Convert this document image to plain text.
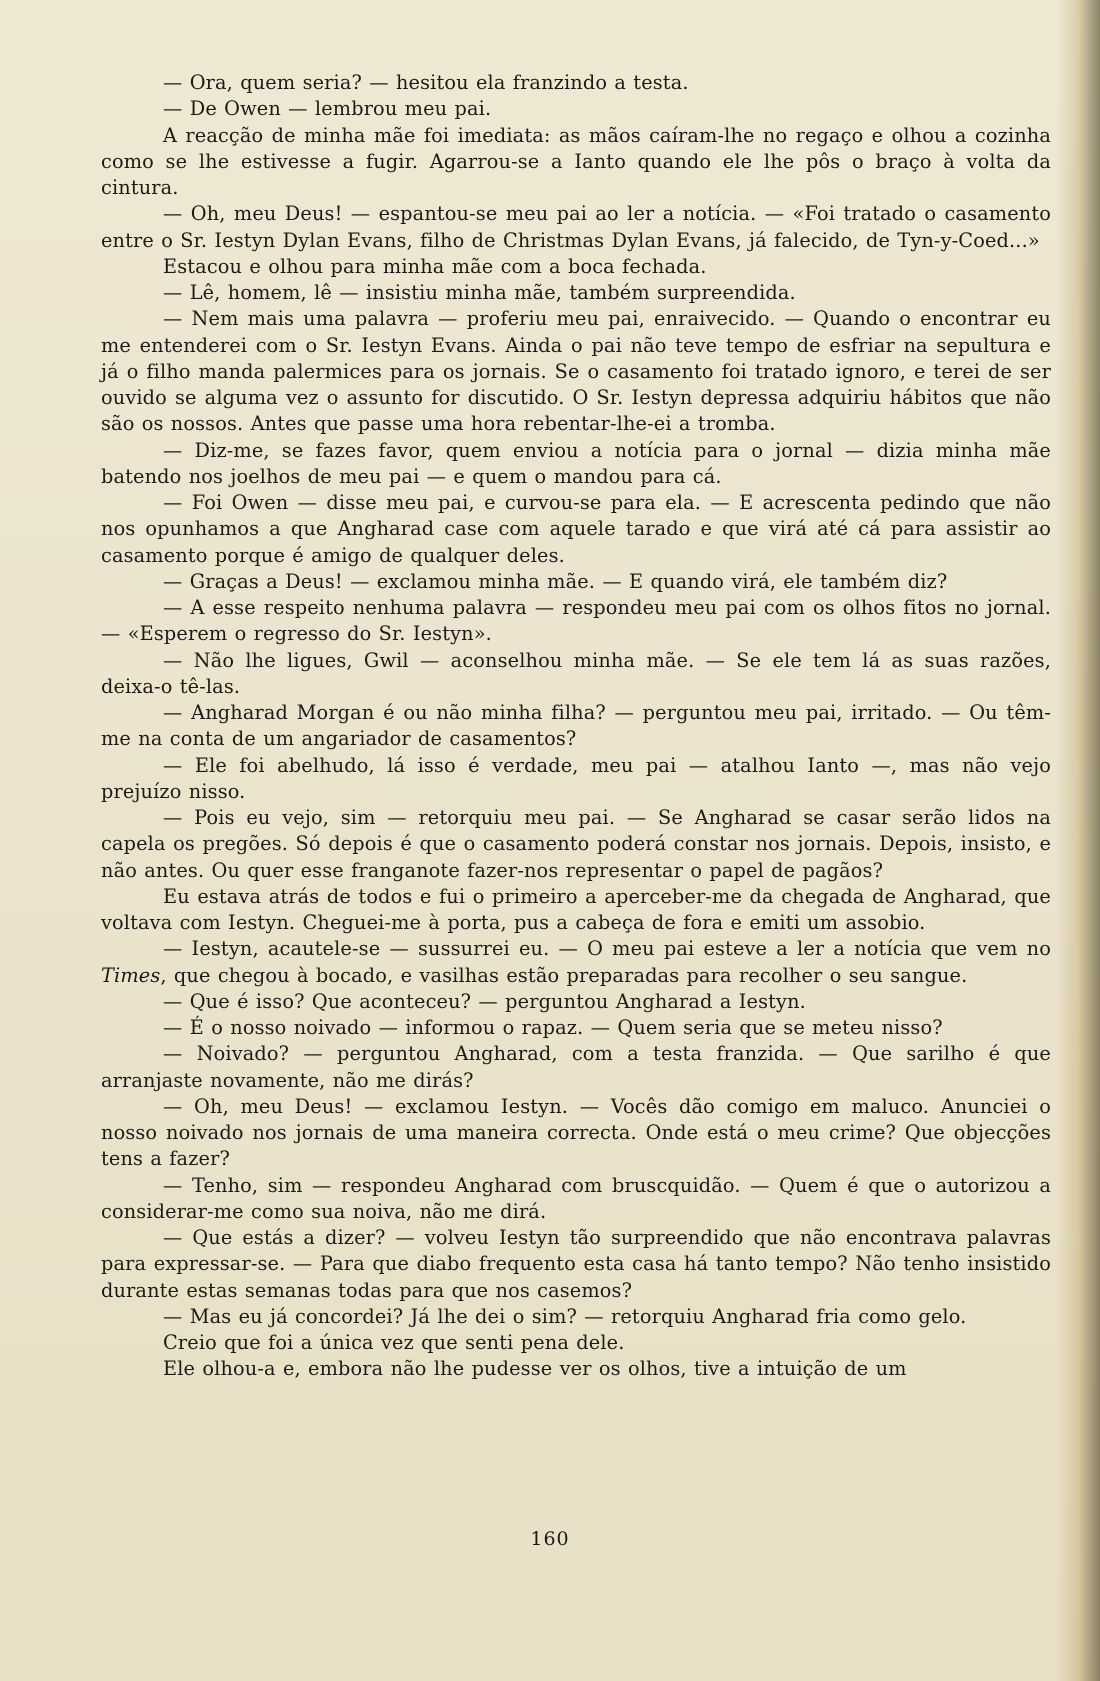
— Ora, quem seria? — hesitou ela franzindo a testa.

— De Owen — lembrou meu pai.

A reacção de minha mãe foi imediata: as mãos caíram-lhe no regaço e olhou a cozinha como se lhe estivesse a fugir. Agarrou-se a Ianto quando ele lhe pôs o braço à volta da cintura.

— Oh, meu Deus! — espantou-se meu pai ao ler a notícia. — «Foi tratado o casamento entre o Sr. Iestyn Dylan Evans, filho de Christmas Dylan Evans, já falecido, de Tyn-y-Coed...»

Estacou e olhou para minha mãe com a boca fechada.

— Lê, homem, lê — insistiu minha mãe, também surpreendida.

— Nem mais uma palavra — proferiu meu pai, enraivecido. — Quando o encontrar eu me entenderei com o Sr. Iestyn Evans. Ainda o pai não teve tempo de esfriar na sepultura e já o filho manda palermices para os jornais. Se o casamento foi tratado ignoro, e terei de ser ouvido se alguma vez o assunto for discutido. O Sr. Iestyn depressa adquiriu hábitos que não são os nossos. Antes que passe uma hora rebentar-lhe-ei a tromba.

— Diz-me, se fazes favor, quem enviou a notícia para o jornal — dizia minha mãe batendo nos joelhos de meu pai — e quem o mandou para cá.

— Foi Owen — disse meu pai, e curvou-se para ela. — E acrescenta pedindo que não nos opunhamos a que Angharad case com aquele tarado e que virá até cá para assistir ao casamento porque é amigo de qualquer deles.

— Graças a Deus! — exclamou minha mãe. — E quando virá, ele também diz?

— A esse respeito nenhuma palavra — respondeu meu pai com os olhos fitos no jornal. — «Esperem o regresso do Sr. Iestyn».

— Não lhe ligues, Gwil — aconselhou minha mãe. — Se ele tem lá as suas razões, deixa-o tê-las.

— Angharad Morgan é ou não minha filha? — perguntou meu pai, irritado. — Ou têm-me na conta de um angariador de casamentos?

— Ele foi abelhudo, lá isso é verdade, meu pai — atalhou Ianto —, mas não vejo prejuízo nisso.

— Pois eu vejo, sim — retorquiu meu pai. — Se Angharad se casar serão lidos na capela os pregões. Só depois é que o casamento poderá constar nos jornais. Depois, insisto, e não antes. Ou quer esse franganote fazer-nos representar o papel de pagãos?

Eu estava atrás de todos e fui o primeiro a aperceber-me da chegada de Angharad, que voltava com Iestyn. Cheguei-me à porta, pus a cabeça de fora e emiti um assobio.

— Iestyn, acautele-se — sussurrei eu. — O meu pai esteve a ler a notícia que vem no Times, que chegou à bocado, e vasilhas estão preparadas para recolher o seu sangue.

— Que é isso? Que aconteceu? — perguntou Angharad a Iestyn.

— É o nosso noivado — informou o rapaz. — Quem seria que se meteu nisso?

— Noivado? — perguntou Angharad, com a testa franzida. — Que sarilho é que arranjaste novamente, não me dirás?

— Oh, meu Deus! — exclamou Iestyn. — Vocês dão comigo em maluco. Anunciei o nosso noivado nos jornais de uma maneira correcta. Onde está o meu crime? Que objecções tens a fazer?

— Tenho, sim — respondeu Angharad com bruscquidão. — Quem é que o autorizou a considerar-me como sua noiva, não me dirá.

— Que estás a dizer? — volveu Iestyn tão surpreendido que não encontrava palavras para expressar-se. — Para que diabo frequento esta casa há tanto tempo? Não tenho insistido durante estas semanas todas para que nos casemos?

— Mas eu já concordei? Já lhe dei o sim? — retorquiu Angharad fria como gelo.

Creio que foi a única vez que senti pena dele.

Ele olhou-a e, embora não lhe pudesse ver os olhos, tive a intuição de um

160
